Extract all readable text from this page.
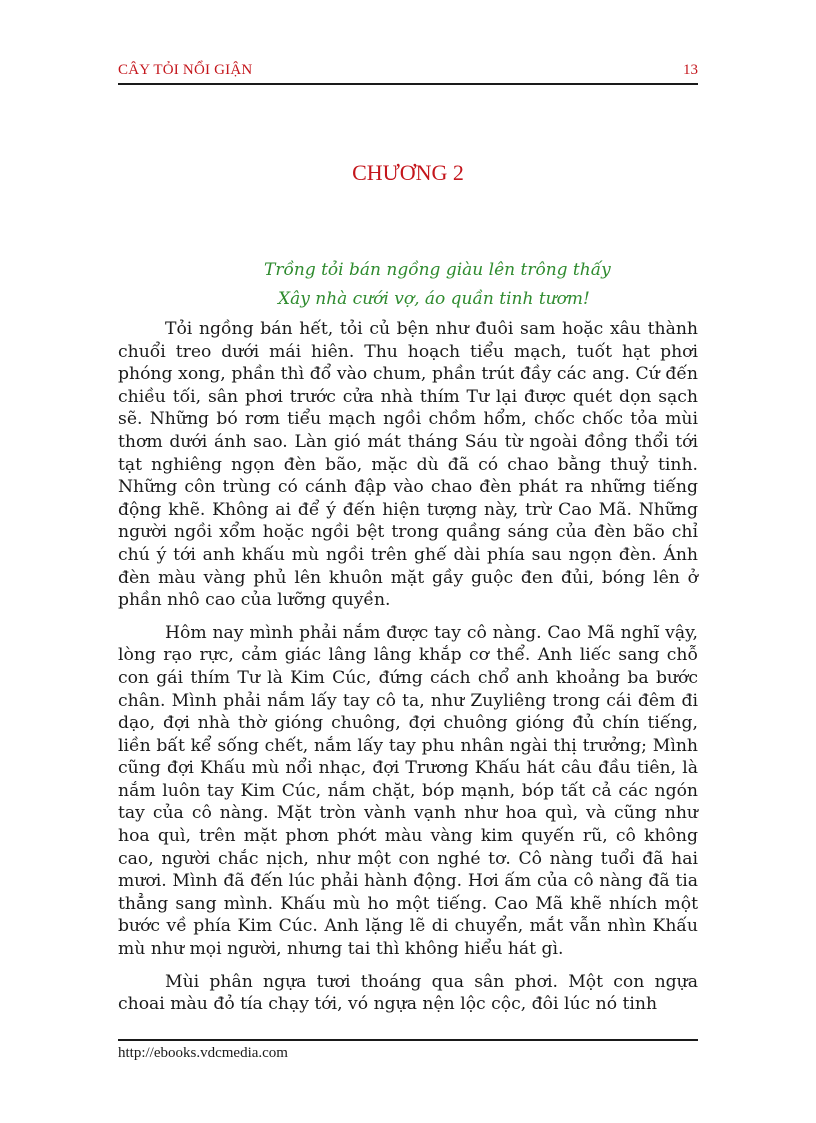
CÂY TỎI NỔI GIẬN	13
CHƯƠNG 2
Trồng tỏi bán ngồng giàu lên trông thấy
Xây nhà cưới vợ, áo quần tinh tươm!

Tỏi ngồng bán hết, tỏi củ bện như đuôi sam hoặc xâu thành chuổi treo dưới mái hiên. Thu hoạch tiểu mạch, tuốt hạt phơi phóng xong, phần thì đổ vào chum, phần trút đầy các ang. Cứ đến chiều tối, sân phơi trước cửa nhà thím Tư lại được quét dọn sạch sẽ. Những bó rơm tiểu mạch ngồi chồm hổm, chốc chốc tỏa mùi thơm dưới ánh sao. Làn gió mát tháng Sáu từ ngoài đồng thổi tới tạt nghiêng ngọn đèn bão, mặc dù đã có chao bằng thuỷ tinh. Những côn trùng có cánh đập vào chao đèn phát ra những tiếng động khẽ. Không ai để ý đến hiện tượng này, trừ Cao Mã. Những người ngồi xổm hoặc ngồi bệt trong quầng sáng của đèn bão chỉ chú ý tới anh khấu mù ngồi trên ghế dài phía sau ngọn đèn. Ánh đèn màu vàng phủ lên khuôn mặt gầy guộc đen đủi, bóng lên ở phần nhô cao của lưỡng quyền.

Hôm nay mình phải nắm được tay cô nàng. Cao Mã nghĩ vậy, lòng rạo rực, cảm giác lâng lâng khắp cơ thể. Anh liếc sang chỗ con gái thím Tư là Kim Cúc, đứng cách chổ anh khoảng ba bước chân. Mình phải nắm lấy tay cô ta, như Zuyliêng trong cái đêm đi dạo, đợi nhà thờ gióng chuông, đợi chuông gióng đủ chín tiếng, liền bất kể sống chết, nắm lấy tay phu nhân ngài thị trưởng; Mình cũng đợi Khấu mù nổi nhạc, đợi Trương Khấu hát câu đầu tiên, là nắm luôn tay Kim Cúc, nắm chặt, bóp mạnh, bóp tất cả các ngón tay của cô nàng. Mặt tròn vành vạnh như hoa quì, và cũng như hoa quì, trên mặt phơn phớt màu vàng kim quyến rũ, cô không cao, người chắc nịch, như một con nghé tơ. Cô nàng tuổi đã hai mươi. Mình đã đến lúc phải hành động. Hơi ấm của cô nàng đã tia thẳng sang mình. Khấu mù ho một tiếng. Cao Mã khẽ nhích một bước về phía Kim Cúc. Anh lặng lẽ di chuyển, mắt vẫn nhìn Khấu mù như mọi người, nhưng tai thì không hiểu hát gì.

Mùi phân ngựa tươi thoáng qua sân phơi. Một con ngựa choai màu đỏ tía chạy tới, vó ngựa nện lộc cộc, đôi lúc nó tinh

http://ebooks.vdcmedia.com
